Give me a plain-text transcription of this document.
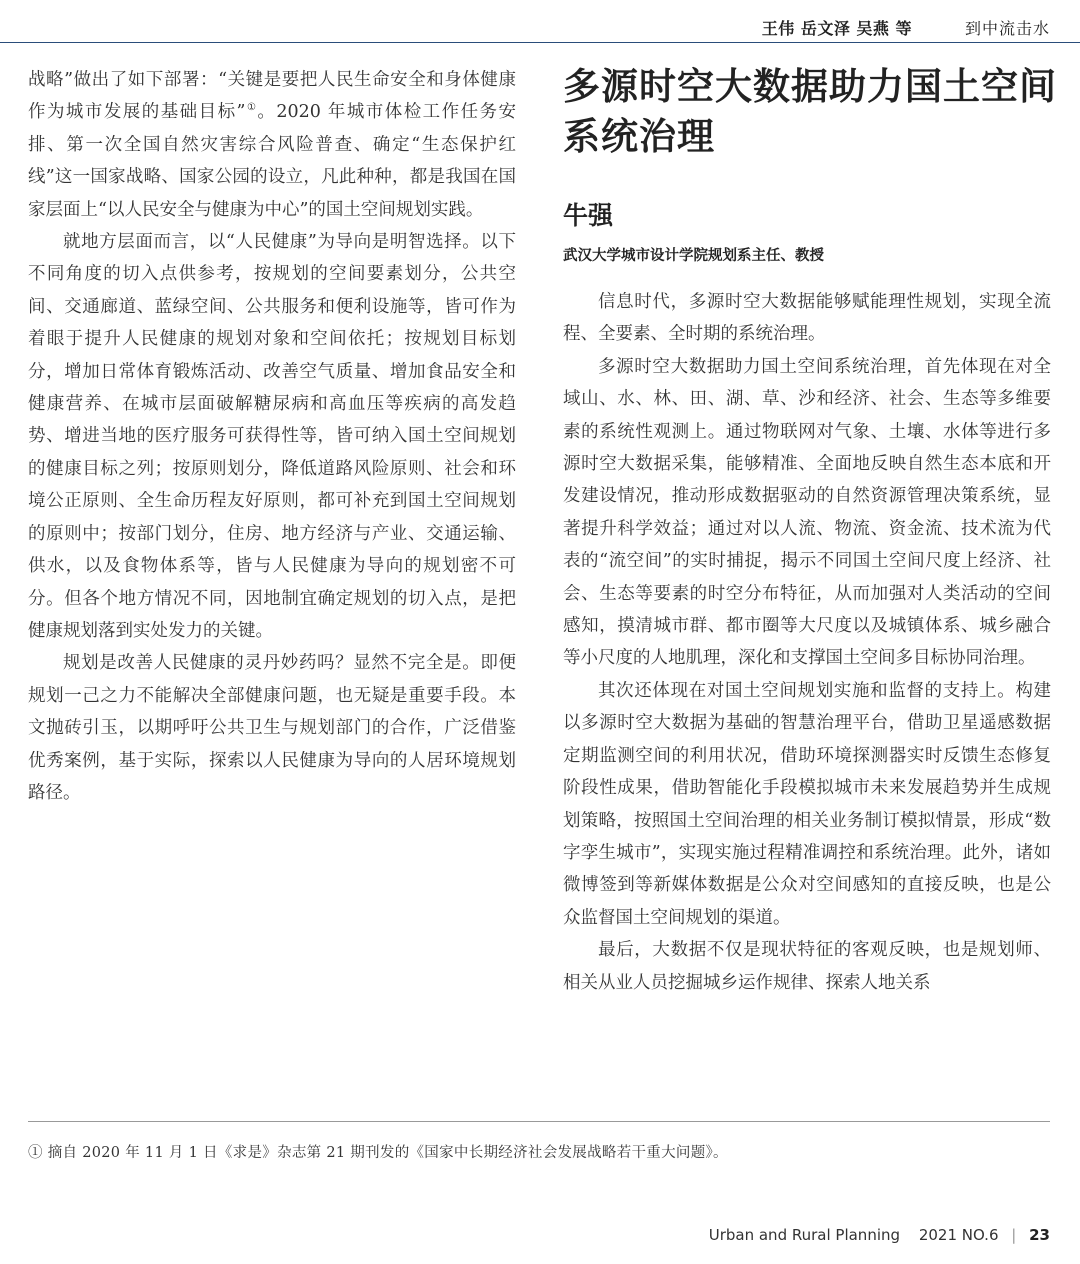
王伟 岳文泽 吴燕 等	到中流击水

战略”做出了如下部署：“关键是要把人民生命安全和身体健康作为城市发展的基础目标”①。2020 年城市体检工作任务安排、第一次全国自然灾害综合风险普查、确定“生态保护红线”这一国家战略、国家公园的设立，凡此种种，都是我国在国家层面上“以人民安全与健康为中心”的国土空间规划实践。

就地方层面而言，以“人民健康”为导向是明智选择。以下不同角度的切入点供参考，按规划的空间要素划分，公共空间、交通廊道、蓝绿空间、公共服务和便利设施等，皆可作为着眼于提升人民健康的规划对象和空间依托；按规划目标划分，增加日常体育锻炼活动、改善空气质量、增加食品安全和健康营养、在城市层面破解糖尿病和高血压等疾病的高发趋势、增进当地的医疗服务可获得性等，皆可纳入国土空间规划的健康目标之列；按原则划分，降低道路风险原则、社会和环境公正原则、全生命历程友好原则，都可补充到国土空间规划的原则中；按部门划分，住房、地方经济与产业、交通运输、供水，以及食物体系等，皆与人民健康为导向的规划密不可分。但各个地方情况不同，因地制宜确定规划的切入点，是把健康规划落到实处发力的关键。

规划是改善人民健康的灵丹妙药吗？显然不完全是。即便规划一己之力不能解决全部健康问题，也无疑是重要手段。本文抛砖引玉，以期呼吁公共卫生与规划部门的合作，广泛借鉴优秀案例，基于实际，探索以人民健康为导向的人居环境规划路径。

多源时空大数据助力国土空间系统治理
牛强
武汉大学城市设计学院规划系主任、教授

信息时代，多源时空大数据能够赋能理性规划，实现全流程、全要素、全时期的系统治理。

多源时空大数据助力国土空间系统治理，首先体现在对全域山、水、林、田、湖、草、沙和经济、社会、生态等多维要素的系统性观测上。通过物联网对气象、土壤、水体等进行多源时空大数据采集，能够精准、全面地反映自然生态本底和开发建设情况，推动形成数据驱动的自然资源管理决策系统，显著提升科学效益；通过对以人流、物流、资金流、技术流为代表的“流空间”的实时捕捉，揭示不同国土空间尺度上经济、社会、生态等要素的时空分布特征，从而加强对人类活动的空间感知，摸清城市群、都市圈等大尺度以及城镇体系、城乡融合等小尺度的人地肌理，深化和支撑国土空间多目标协同治理。

其次还体现在对国土空间规划实施和监督的支持上。构建以多源时空大数据为基础的智慧治理平台，借助卫星遥感数据定期监测空间的利用状况，借助环境探测器实时反馈生态修复阶段性成果，借助智能化手段模拟城市未来发展趋势并生成规划策略，按照国土空间治理的相关业务制订模拟情景，形成“数字孪生城市”，实现实施过程精准调控和系统治理。此外，诸如微博签到等新媒体数据是公众对空间感知的直接反映，也是公众监督国土空间规划的渠道。

最后，大数据不仅是现状特征的客观反映，也是规划师、相关从业人员挖掘城乡运作规律、探索人地关系

① 摘自 2020 年 11 月 1 日《求是》杂志第 21 期刊发的《国家中长期经济社会发展战略若干重大问题》。
Urban and Rural Planning 2021 NO.6 | 23
